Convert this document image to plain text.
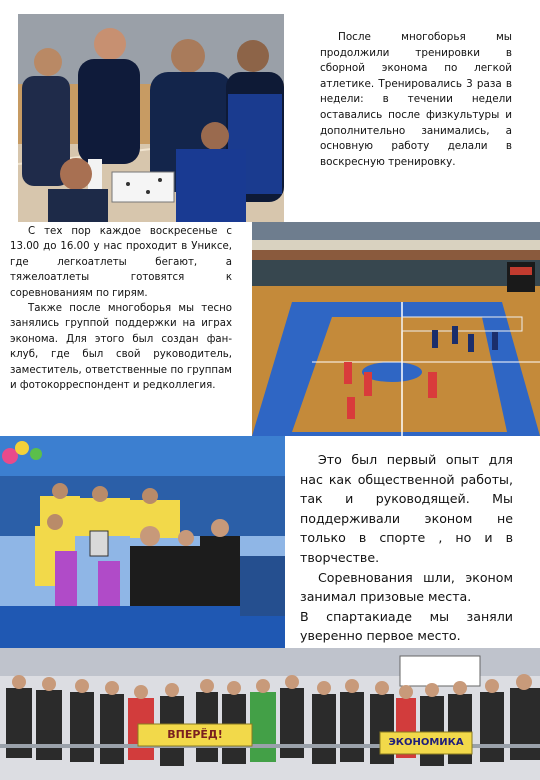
После многоборья мы продолжили тренировки в сборной эконома по легкой атлетике. Тренировались 3 раза в недели: в течении недели оставались после физкультуры и дополнительно занимались, а основную работу делали в воскресную тренировку.

С тех пор каждое воскресенье с 13.00 до 16.00 у нас проходит в Униксе, где легкоатлеты бегают, а тяжелоатлеты готовятся к соревнованиям по гирям.

Также после многоборья мы тесно занялись группой поддержки на играх эконома. Для этого был создан фан-клуб, где был свой руководитель, заместитель, ответственные по группам и фотокорреспондент и редколлегия.

Это был первый опыт для нас как общественной работы, так и руководящей. Мы поддерживали эконом не только в спорте , но и в творчестве.

Соревнования шли, эконом занимал призовые места.

В спартакиаде мы заняли уверенно первое место.

ВПЕРЁД!
ЭКОНОМИКА
